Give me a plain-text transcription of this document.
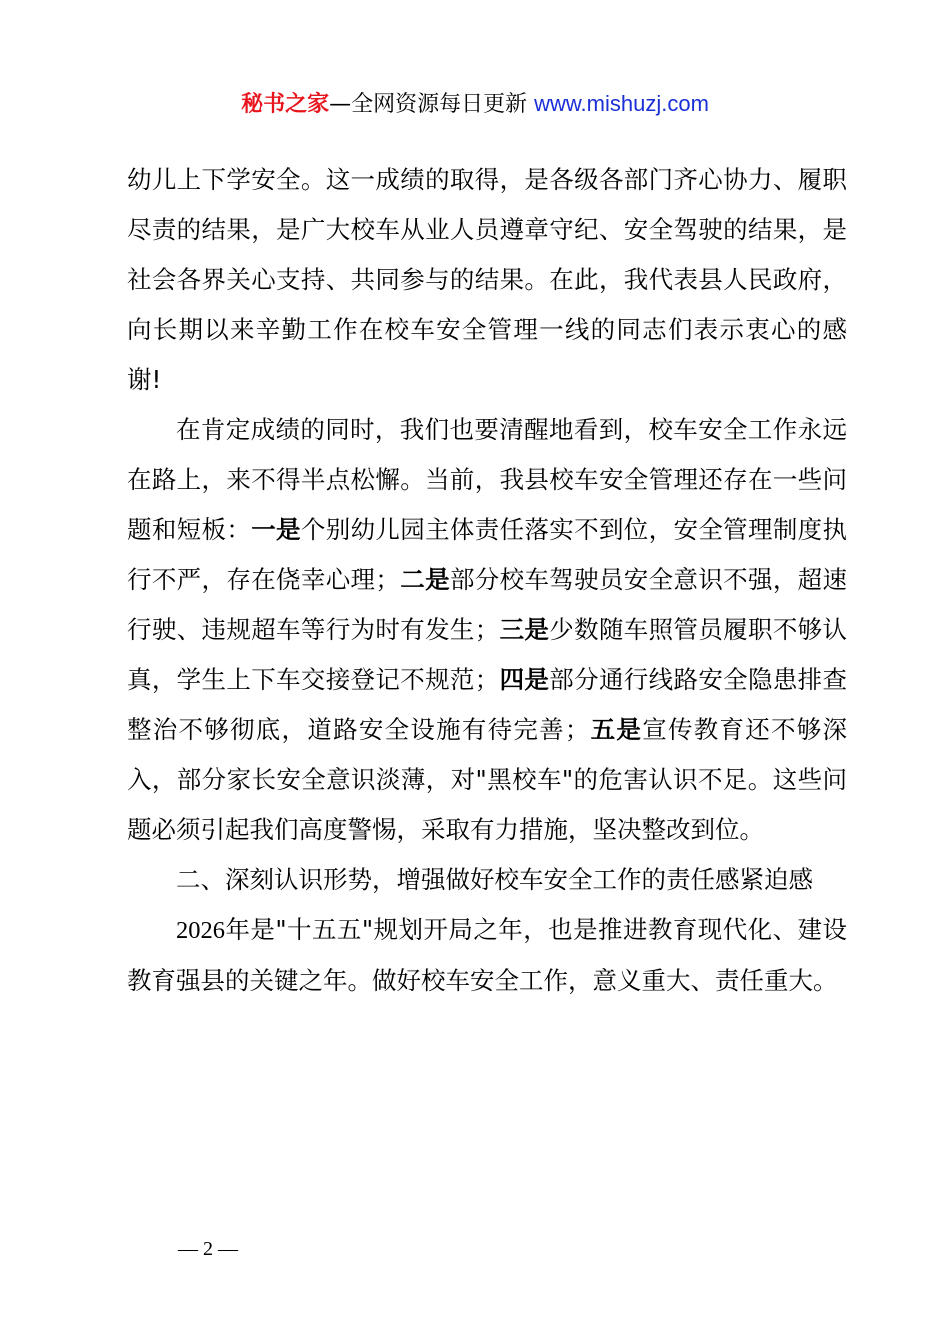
秘书之家—全网资源每日更新 www.mishuzj.com

幼儿上下学安全。这一成绩的取得，是各级各部门齐心协力、履职尽责的结果，是广大校车从业人员遵章守纪、安全驾驶的结果，是社会各界关心支持、共同参与的结果。在此，我代表县人民政府，向长期以来辛勤工作在校车安全管理一线的同志们表示衷心的感谢!

在肯定成绩的同时，我们也要清醒地看到，校车安全工作永远在路上，来不得半点松懈。当前，我县校车安全管理还存在一些问题和短板：一是个别幼儿园主体责任落实不到位，安全管理制度执行不严，存在侥幸心理；二是部分校车驾驶员安全意识不强，超速行驶、违规超车等行为时有发生；三是少数随车照管员履职不够认真，学生上下车交接登记不规范；四是部分通行线路安全隐患排查整治不够彻底，道路安全设施有待完善；五是宣传教育还不够深入，部分家长安全意识淡薄，对"黑校车"的危害认识不足。这些问题必须引起我们高度警惕，采取有力措施，坚决整改到位。

二、深刻认识形势，增强做好校车安全工作的责任感紧迫感

2026年是"十五五"规划开局之年，也是推进教育现代化、建设教育强县的关键之年。做好校车安全工作，意义重大、责任重大。

— 2 —
